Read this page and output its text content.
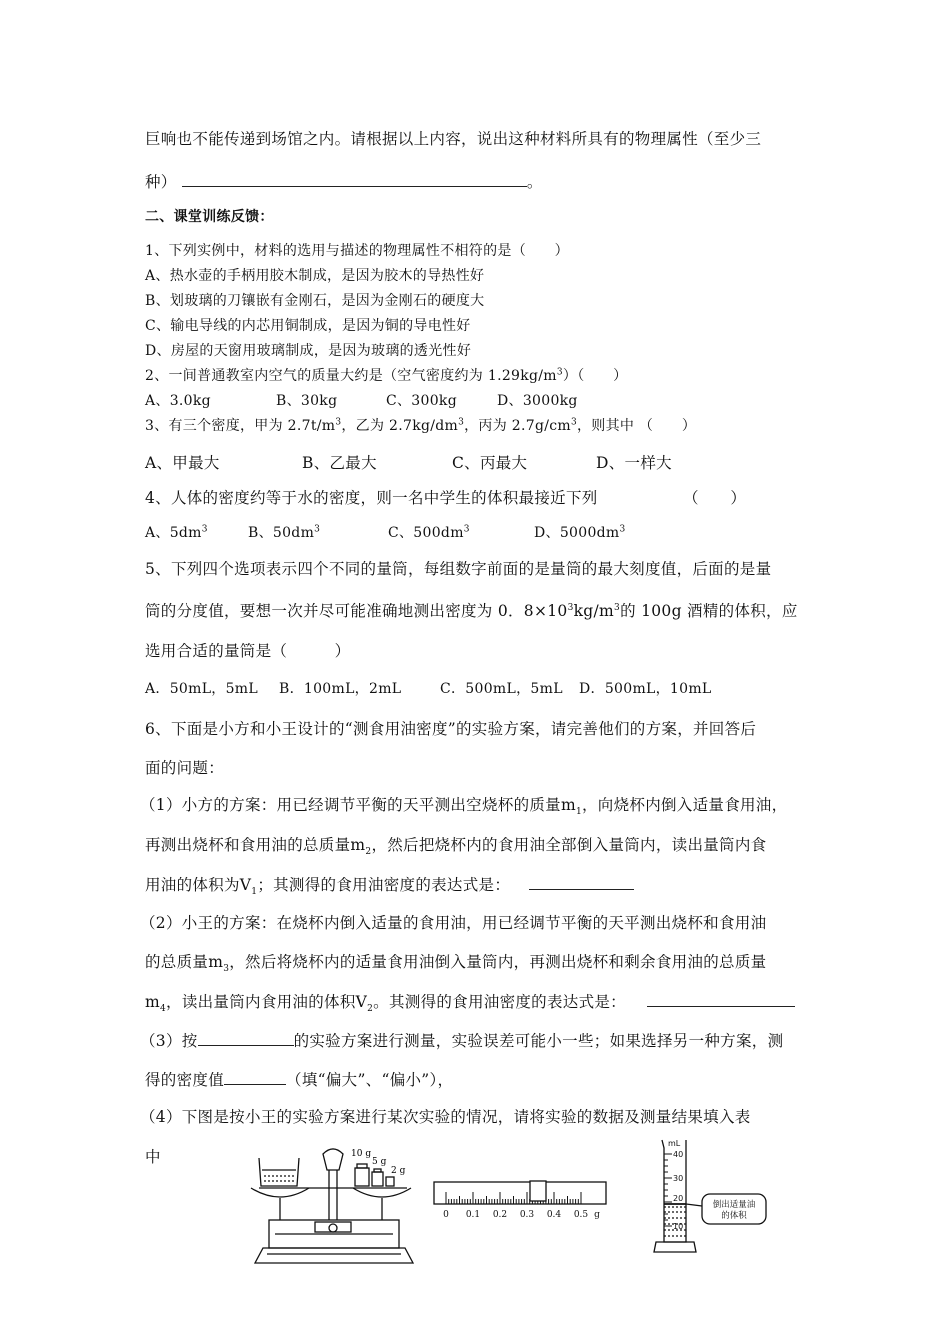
巨响也不能传递到场馆之内。请根据以上内容，说出这种材料所具有的物理属性（至少三
种）	。
二、课堂训练反馈：
1、下列实例中，材料的选用与描述的物理属性不相符的是（　　）
A、热水壶的手柄用胶木制成，是因为胶木的导热性好
B、划玻璃的刀镶嵌有金刚石，是因为金刚石的硬度大
C、输电导线的内芯用铜制成，是因为铜的导电性好
D、房屋的天窗用玻璃制成，是因为玻璃的透光性好
2、一间普通教室内空气的质量大约是（空气密度约为 $1.29kg/m^3$）（　　）
A、3.0kg	B、30kg	C、300kg	D、3000kg
3、有三个密度，甲为 $2.7t/m^3$，乙为 $2.7kg/dm^3$，丙为 $2.7g/cm^3$，则其中 （　　）
A、甲最大	B、乙最大	C、丙最大	D、一样大
4、人体的密度约等于水的密度，则一名中学生的体积最接近下列	（　　）
A、$5dm^3$	B、$50dm^3$	C、$500dm^3$	D、$5000dm^3$
5、下列四个选项表示四个不同的量筒，每组数字前面的是量筒的最大刻度值，后面的是量
筒的分度值，要想一次并尽可能准确地测出密度为 0．$8\times 10^3kg/m^3$的 100g 酒精的体积，应
选用合适的量筒是（　　　）
A．50mL，5mL B．100mL，2mL	C．500mL，5mL D．500mL，10mL
6、下面是小方和小王设计的“测食用油密度”的实验方案，请完善他们的方案，并回答后
面的问题：
（1）小方的方案：用已经调节平衡的天平测出空烧杯的质量$m_1$，向烧杯内倒入适量食用油，
再测出烧杯和食用油的总质量$m_2$，然后把烧杯内的食用油全部倒入量筒内，读出量筒内食
用油的体积为$V_1$；其测得的食用油密度的表达式是：
（2）小王的方案：在烧杯内倒入适量的食用油，用已经调节平衡的天平测出烧杯和食用油
的总质量$m_3$，然后将烧杯内的适量食用油倒入量筒内，再测出烧杯和剩余食用油的总质量
$m_4$，读出量筒内食用油的体积$V_2$。其测得的食用油密度的表达式是：
（3）按	的实验方案进行测量，实验误差可能小一些；如果选择另一种方案，测
得的密度值	（填“偏大”、“偏小”），
（4）下图是按小王的实验方案进行某次实验的情况，请将实验的数据及测量结果填入表
中	10 g
5 g
2 g
0 0.1 0.2 0.3 0.4 0.5 g
mL
40
30
20
10
倒出适量油
的体积
